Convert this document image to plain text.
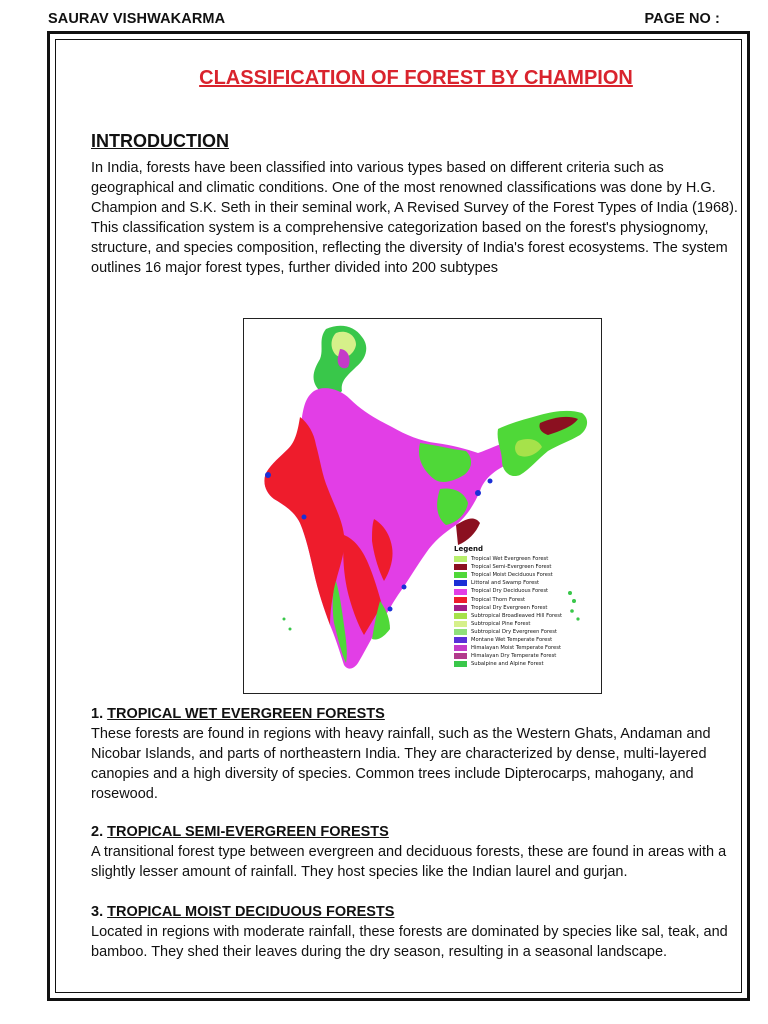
SAURAV VISHWAKARMA	PAGE NO :
CLASSIFICATION OF FOREST BY CHAMPION
INTRODUCTION

In India, forests have been classified into various types based on different criteria such as geographical and climatic conditions. One of the most renowned classifications was done by H.G. Champion and S.K. Seth in their seminal work, A Revised Survey of the Forest Types of India (1968). This classification system is a comprehensive categorization based on the forest's physiognomy, structure, and species composition, reflecting the diversity of India's forest ecosystems. The system outlines 16 major forest types, further divided into 200 subtypes

Legend
Tropical Wet Evergreen Forest
Tropical Semi-Evergreen Forest
Tropical Moist Deciduous Forest
Littoral and Swamp Forest
Tropical Dry Deciduous Forest
Tropical Thorn Forest
Tropical Dry Evergreen Forest
Subtropical Broadleaved Hill Forest
Subtropical Pine Forest
Subtropical Dry Evergreen Forest
Montane Wet Temperate Forest
Himalayan Moist Temperate Forest
Himalayan Dry Temperate Forest
Subalpine and Alpine Forest

1. TROPICAL WET EVERGREEN FORESTS

These forests are found in regions with heavy rainfall, such as the Western Ghats, Andaman and Nicobar Islands, and parts of northeastern India. They are characterized by dense, multi-layered canopies and a high diversity of species. Common trees include Dipterocarps, mahogany, and rosewood.

2. TROPICAL SEMI-EVERGREEN FORESTS

A transitional forest type between evergreen and deciduous forests, these are found in areas with a slightly lesser amount of rainfall. They host species like the Indian laurel and gurjan.

3. TROPICAL MOIST DECIDUOUS FORESTS

Located in regions with moderate rainfall, these forests are dominated by species like sal, teak, and bamboo. They shed their leaves during the dry season, resulting in a seasonal landscape.
